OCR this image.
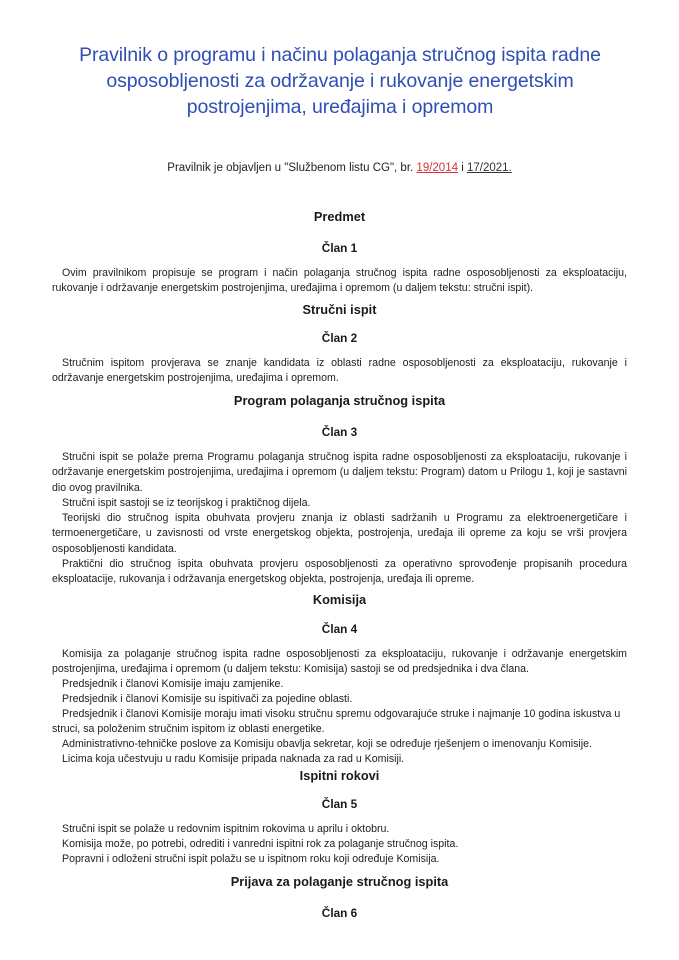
Pravilnik o programu i načinu polaganja stručnog ispita radne
osposobljenosti za održavanje i rukovanje energetskim
postrojenjima, uređajima i opremom
Pravilnik je objavljen u "Službenom listu CG", br. 19/2014 i 17/2021.
Predmet
Član 1
Ovim pravilnikom propisuje se program i način polaganja stručnog ispita radne osposobljenosti za eksploataciju, rukovanje i održavanje energetskim postrojenjima, uređajima i opremom (u daljem tekstu: stručni ispit).
Stručni ispit
Član 2
Stručnim ispitom provjerava se znanje kandidata iz oblasti radne osposobljenosti za eksploataciju, rukovanje i održavanje energetskim postrojenjima, uređajima i opremom.
Program polaganja stručnog ispita
Član 3
Stručni ispit se polaže prema Programu polaganja stručnog ispita radne osposobljenosti za eksploataciju, rukovanje i održavanje energetskim postrojenjima, uređajima i opremom (u daljem tekstu: Program) datom u Prilogu 1, koji je sastavni dio ovog pravilnika.
Stručni ispit sastoji se iz teorijskog i praktičnog dijela.
Teorijski dio stručnog ispita obuhvata provjeru znanja iz oblasti sadržanih u Programu za elektroenergetičare i termoenergetičare, u zavisnosti od vrste energetskog objekta, postrojenja, uređaja ili opreme za koju se vrši provjera osposobljenosti kandidata.
Praktični dio stručnog ispita obuhvata provjeru osposobljenosti za operativno sprovođenje propisanih procedura eksploatacije, rukovanja i održavanja energetskog objekta, postrojenja, uređaja ili opreme.
Komisija
Član 4
Komisija za polaganje stručnog ispita radne osposobljenosti za eksploataciju, rukovanje i održavanje energetskim postrojenjima, uređajima i opremom (u daljem tekstu: Komisija) sastoji se od predsjednika i dva člana.
Predsjednik i članovi Komisije imaju zamjenike.
Predsjednik i članovi Komisije su ispitivači za pojedine oblasti.
Predsjednik i članovi Komisije moraju imati visoku stručnu spremu odgovarajuće struke i najmanje 10 godina iskustva u struci, sa položenim stručnim ispitom iz oblasti energetike.
Administrativno-tehničke poslove za Komisiju obavlja sekretar, koji se određuje rješenjem o imenovanju Komisije.
Licima koja učestvuju u radu Komisije pripada naknada za rad u Komisiji.
Ispitni rokovi
Član 5
Stručni ispit se polaže u redovnim ispitnim rokovima u aprilu i oktobru.
Komisija može, po potrebi, odrediti i vanredni ispitni rok za polaganje stručnog ispita.
Popravni i odloženi stručni ispit polažu se u ispitnom roku koji određuje Komisija.
Prijava za polaganje stručnog ispita
Član 6
